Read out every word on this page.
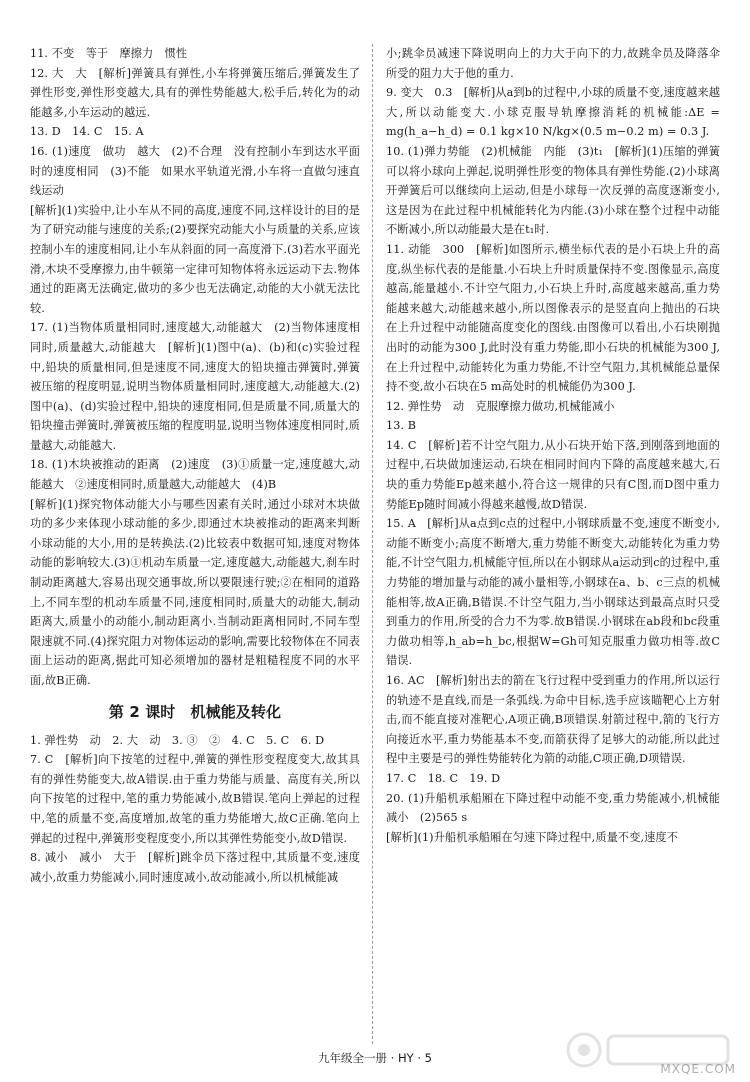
11. 不变　等于　摩擦力　惯性

12. 大　大　[解析]弹簧具有弹性,小车将弹簧压缩后,弹簧发生了弹性形变,弹性形变越大,具有的弹性势能越大,松手后,转化为的动能越多,小车运动的越远.

13. D　14. C　15. A

16. (1)速度　做功　越大　(2)不合理　没有控制小车到达水平面时的速度相同　(3)不能　如果水平轨道光滑,小车将一直做匀速直线运动

[解析](1)实验中,让小车从不同的高度,速度不同,这样设计的目的是为了研究动能与速度的关系;(2)要探究动能大小与质量的关系,应该控制小车的速度相同,让小车从斜面的同一高度滑下.(3)若水平面光滑,木块不受摩擦力,由牛顿第一定律可知物体将永远运动下去.物体通过的距离无法确定,做功的多少也无法确定,动能的大小就无法比较.

17. (1)当物体质量相同时,速度越大,动能越大　(2)当物体速度相同时,质量越大,动能越大　[解析](1)图中(a)、(b)和(c)实验过程中,铅块的质量相同,但是速度不同,速度大的铅块撞击弹簧时,弹簧被压缩的程度明显,说明当物体质量相同时,速度越大,动能越大.(2)图中(a)、(d)实验过程中,铅块的速度相同,但是质量不同,质量大的铅块撞击弹簧时,弹簧被压缩的程度明显,说明当物体速度相同时,质量越大,动能越大.

18. (1)木块被推动的距离　(2)速度　(3)①质量一定,速度越大,动能越大　②速度相同时,质量越大,动能越大　(4)B

[解析](1)探究物体动能大小与哪些因素有关时,通过小球对木块做功的多少来体现小球动能的多少,即通过木块被推动的距离来判断小球动能的大小,用的是转换法.(2)比较表中数据可知,速度对物体动能的影响较大.(3)①机动车质量一定,速度越大,动能越大,刹车时制动距离越大,容易出现交通事故,所以要限速行驶;②在相同的道路上,不同车型的机动车质量不同,速度相同时,质量大的动能大,制动距离大,质量小的动能小,制动距离小.当制动距离相同时,不同车型限速就不同.(4)探究阻力对物体运动的影响,需要比较物体在不同表面上运动的距离,据此可知必须增加的器材是粗糙程度不同的水平面,故B正确.

第 2 课时　机械能及转化

1. 弹性势　动　2. 大　动　3. ③　②　4. C　5. C　6. D

7. C　[解析]向下按笔的过程中,弹簧的弹性形变程度变大,故其具有的弹性势能变大,故A错误.由于重力势能与质量、高度有关,所以向下按笔的过程中,笔的重力势能减小,故B错误.笔向上弹起的过程中,笔的质量不变,高度增加,故笔的重力势能增大,故C正确.笔向上弹起的过程中,弹簧形变程度变小,所以其弹性势能变小,故D错误.

8. 减小　减小　大于　[解析]跳伞员下落过程中,其质量不变,速度减小,故重力势能减小,同时速度减小,故动能减小,所以机械能减

小;跳伞员减速下降说明向上的力大于向下的力,故跳伞员及降落伞所受的阻力大于他的重力.

9. 变大　0.3　[解析]从a到b的过程中,小球的质量不变,速度越来越大,所以动能变大.小球克服导轨摩擦消耗的机械能:ΔE = mg(h_a−h_d) = 0.1 kg×10 N/kg×(0.5 m−0.2 m) = 0.3 J.

10. (1)弹力势能　(2)机械能　内能　(3)t₁　[解析](1)压缩的弹簧可以将小球向上弹起,说明弹性形变的物体具有弹性势能.(2)小球离开弹簧后可以继续向上运动,但是小球每一次反弹的高度逐渐变小,这是因为在此过程中机械能转化为内能.(3)小球在整个过程中动能不断减小,所以动能最大是在t₁时.

11. 动能　300　[解析]如图所示,横坐标代表的是小石块上升的高度,纵坐标代表的是能量.小石块上升时质量保持不变.图像显示,高度越高,能量越小.不计空气阻力,小石块上升时,高度越来越高,重力势能越来越大,动能越来越小,所以图像表示的是竖直向上抛出的石块在上升过程中动能随高度变化的图线.由图像可以看出,小石块刚抛出时的动能为300 J,此时没有重力势能,即小石块的机械能为300 J,在上升过程中,动能转化为重力势能,不计空气阻力,其机械能总量保持不变,故小石块在5 m高处时的机械能仍为300 J.

12. 弹性势　动　克服摩擦力做功,机械能减小

13. B

14. C　[解析]若不计空气阻力,从小石块开始下落,到刚落到地面的过程中,石块做加速运动,石块在相同时间内下降的高度越来越大,石块的重力势能Ep越来越小,符合这一规律的只有C图,而D图中重力势能Ep随时间减小得越来越慢,故D错误.

15. A　[解析]从a点到c点的过程中,小钢球质量不变,速度不断变小,动能不断变小;高度不断增大,重力势能不断变大,动能转化为重力势能,不计空气阻力,机械能守恒,所以在小钢球从a运动到c的过程中,重力势能的增加量与动能的减小量相等,小钢球在a、b、c三点的机械能相等,故A正确,B错误.不计空气阻力,当小钢球达到最高点时只受到重力的作用,所受的合力不为零.故B错误.小钢球在ab段和bc段重力做功相等,h_ab=h_bc,根据W=Gh可知克服重力做功相等.故C错误.

16. AC　[解析]射出去的箭在飞行过程中受到重力的作用,所以运行的轨迹不是直线,而是一条弧线.为命中目标,选手应该瞄靶心上方射击,而不能直接对准靶心,A项正确,B项错误.射箭过程中,箭的飞行方向接近水平,重力势能基本不变,而箭获得了足够大的动能,所以此过程中主要是弓的弹性势能转化为箭的动能,C项正确,D项错误.

17. C　18. C　19. D

20. (1)升船机承船厢在下降过程中动能不变,重力势能减小,机械能减小　(2)565 s

[解析](1)升船机承船厢在匀速下降过程中,质量不变,速度不

九年级全一册 · HY · 5
MXQE.COM
